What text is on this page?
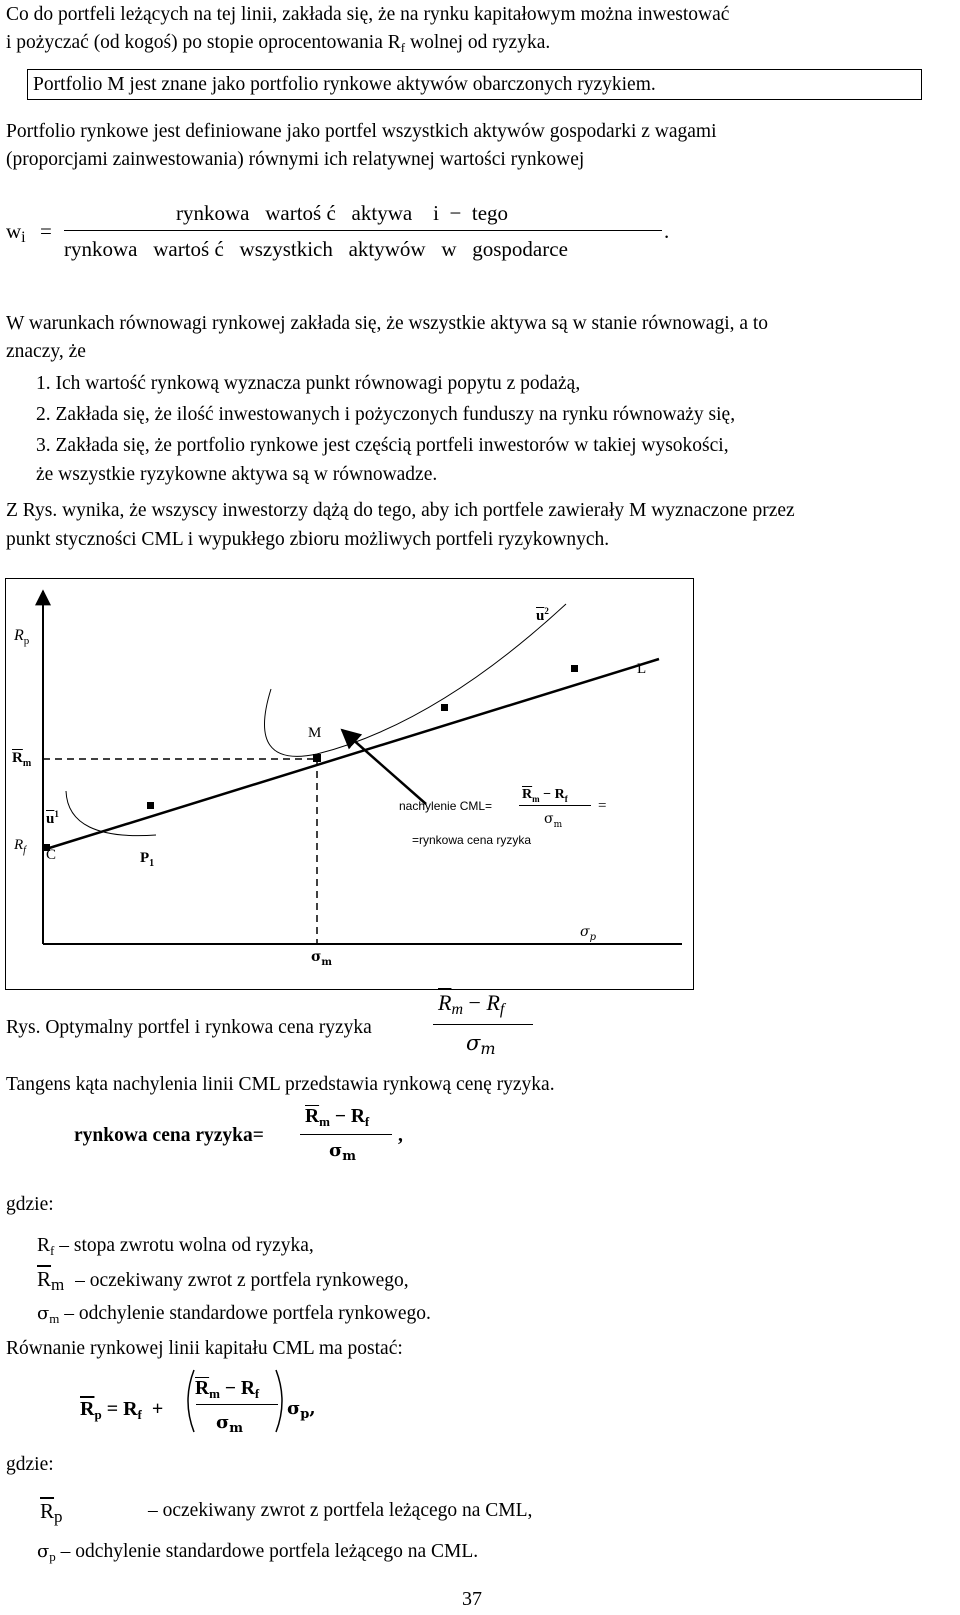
Co do portfeli leżących na tej linii, zakłada się, że na rynku kapitałowym można inwestować
i pożyczać (od kogoś) po stopie oprocentowania $R_f$ wolnej od ryzyka.
Portfolio M jest znane jako portfolio rynkowe aktywów obarczonych ryzykiem.
Portfolio rynkowe jest definiowane jako portfel wszystkich aktywów gospodarki z wagami
(proporcjami zainwestowania) równymi ich relatywnej wartości rynkowej
$w_i$ =
rynkowa   wartoś ć   aktywa    i  −  tego
rynkowa   wartoś ć   wszystkich   aktywów   w   gospodarce
.
W warunkach równowagi rynkowej zakłada się, że wszystkie aktywa są w stanie równowagi, a to
znaczy, że
1. Ich wartość rynkową wyznacza punkt równowagi popytu z podażą,
2. Zakłada się, że ilość inwestowanych i pożyczonych funduszy na rynku równoważy się,
3. Zakłada się, że portfolio rynkowe jest częścią portfeli inwestorów w takiej wysokości,
że wszystkie ryzykowne aktywa są w równowadze.
Z Rys. wynika, że wszyscy inwestorzy dążą do tego, aby ich portfele zawierały M wyznaczone przez
punkt styczności CML i wypukłego zbioru możliwych portfeli ryzykownych.
$R_p$
$\overline{u}^2$
L
M
$\overline{R}_m$
$\overline{u}^1$
$R_f$ C	$P_1$
nachylenie CML=
$\overline{R}_m - R_f$
$\sigma_m$
=
=rynkowa cena ryzyka
$\sigma_p$
$\sigma_m$
Rys. Optymalny portfel i rynkowa cena ryzyka
$\overline{R}_m - R_f$
$\sigma_m$
Tangens kąta nachylenia linii CML przedstawia rynkową cenę ryzyka.
rynkowa cena ryzyka=
$\overline{R}_m - R_f$
$\sigma_m$
,
gdzie:
$R_f$ – stopa zwrotu wolna od ryzyka,
$\overline{R}m$ – oczekiwany zwrot z portfela rynkowego,
$\sigma_m$ – odchylenie standardowe portfela rynkowego.
Równanie rynkowej linii kapitału CML ma postać:
$\overline{R}_p = R_f$ +
$\overline{R}_m - R_f$
$\sigma_m$
$\sigma_p$,
gdzie:
$\overline{R}_p$	– oczekiwany zwrot z portfela leżącego na CML,
$\sigma_p$ – odchylenie standardowe portfela leżącego na CML.
37
